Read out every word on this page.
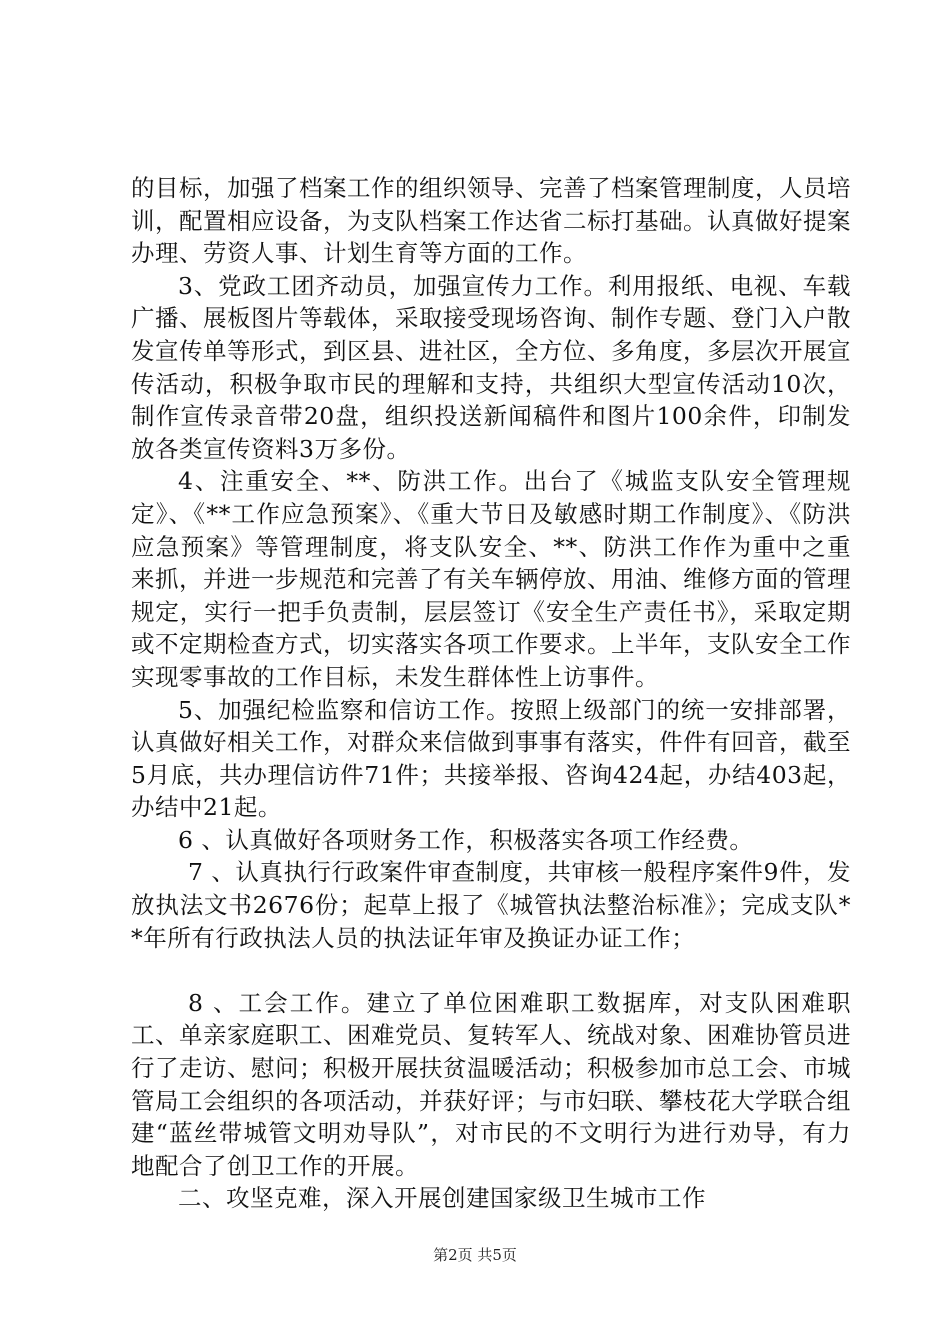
的目标，加强了档案工作的组织领导、完善了档案管理制度，人员培训，配置相应设备，为支队档案工作达省二标打基础。认真做好提案办理、劳资人事、计划生育等方面的工作。

3、党政工团齐动员，加强宣传力工作。利用报纸、电视、车载广播、展板图片等载体，采取接受现场咨询、制作专题、登门入户散发宣传单等形式，到区县、进社区，全方位、多角度，多层次开展宣传活动，积极争取市民的理解和支持，共组织大型宣传活动10次，制作宣传录音带20盘，组织投送新闻稿件和图片100余件，印制发放各类宣传资料3万多份。

4、注重安全、**、防洪工作。出台了《城监支队安全管理规定》、《**工作应急预案》、《重大节日及敏感时期工作制度》、《防洪应急预案》等管理制度，将支队安全、**、防洪工作作为重中之重来抓，并进一步规范和完善了有关车辆停放、用油、维修方面的管理规定，实行一把手负责制，层层签订《安全生产责任书》，采取定期或不定期检查方式，切实落实各项工作要求。上半年，支队安全工作实现零事故的工作目标，未发生群体性上访事件。

5、加强纪检监察和信访工作。按照上级部门的统一安排部署，认真做好相关工作，对群众来信做到事事有落实，件件有回音，截至5月底，共办理信访件71件；共接举报、咨询424起，办结403起，办结中21起。

6 、认真做好各项财务工作，积极落实各项工作经费。

7 、认真执行行政案件审查制度，共审核一般程序案件9件，发放执法文书2676份；起草上报了《城管执法整治标准》；完成支队**年所有行政执法人员的执法证年审及换证办证工作；

8 、工会工作。建立了单位困难职工数据库，对支队困难职工、单亲家庭职工、困难党员、复转军人、统战对象、困难协管员进行了走访、慰问；积极开展扶贫温暖活动；积极参加市总工会、市城管局工会组织的各项活动，并获好评；与市妇联、攀枝花大学联合组建“蓝丝带城管文明劝导队”，对市民的不文明行为进行劝导，有力地配合了创卫工作的开展。

二、攻坚克难，深入开展创建国家级卫生城市工作

第2页 共5页
